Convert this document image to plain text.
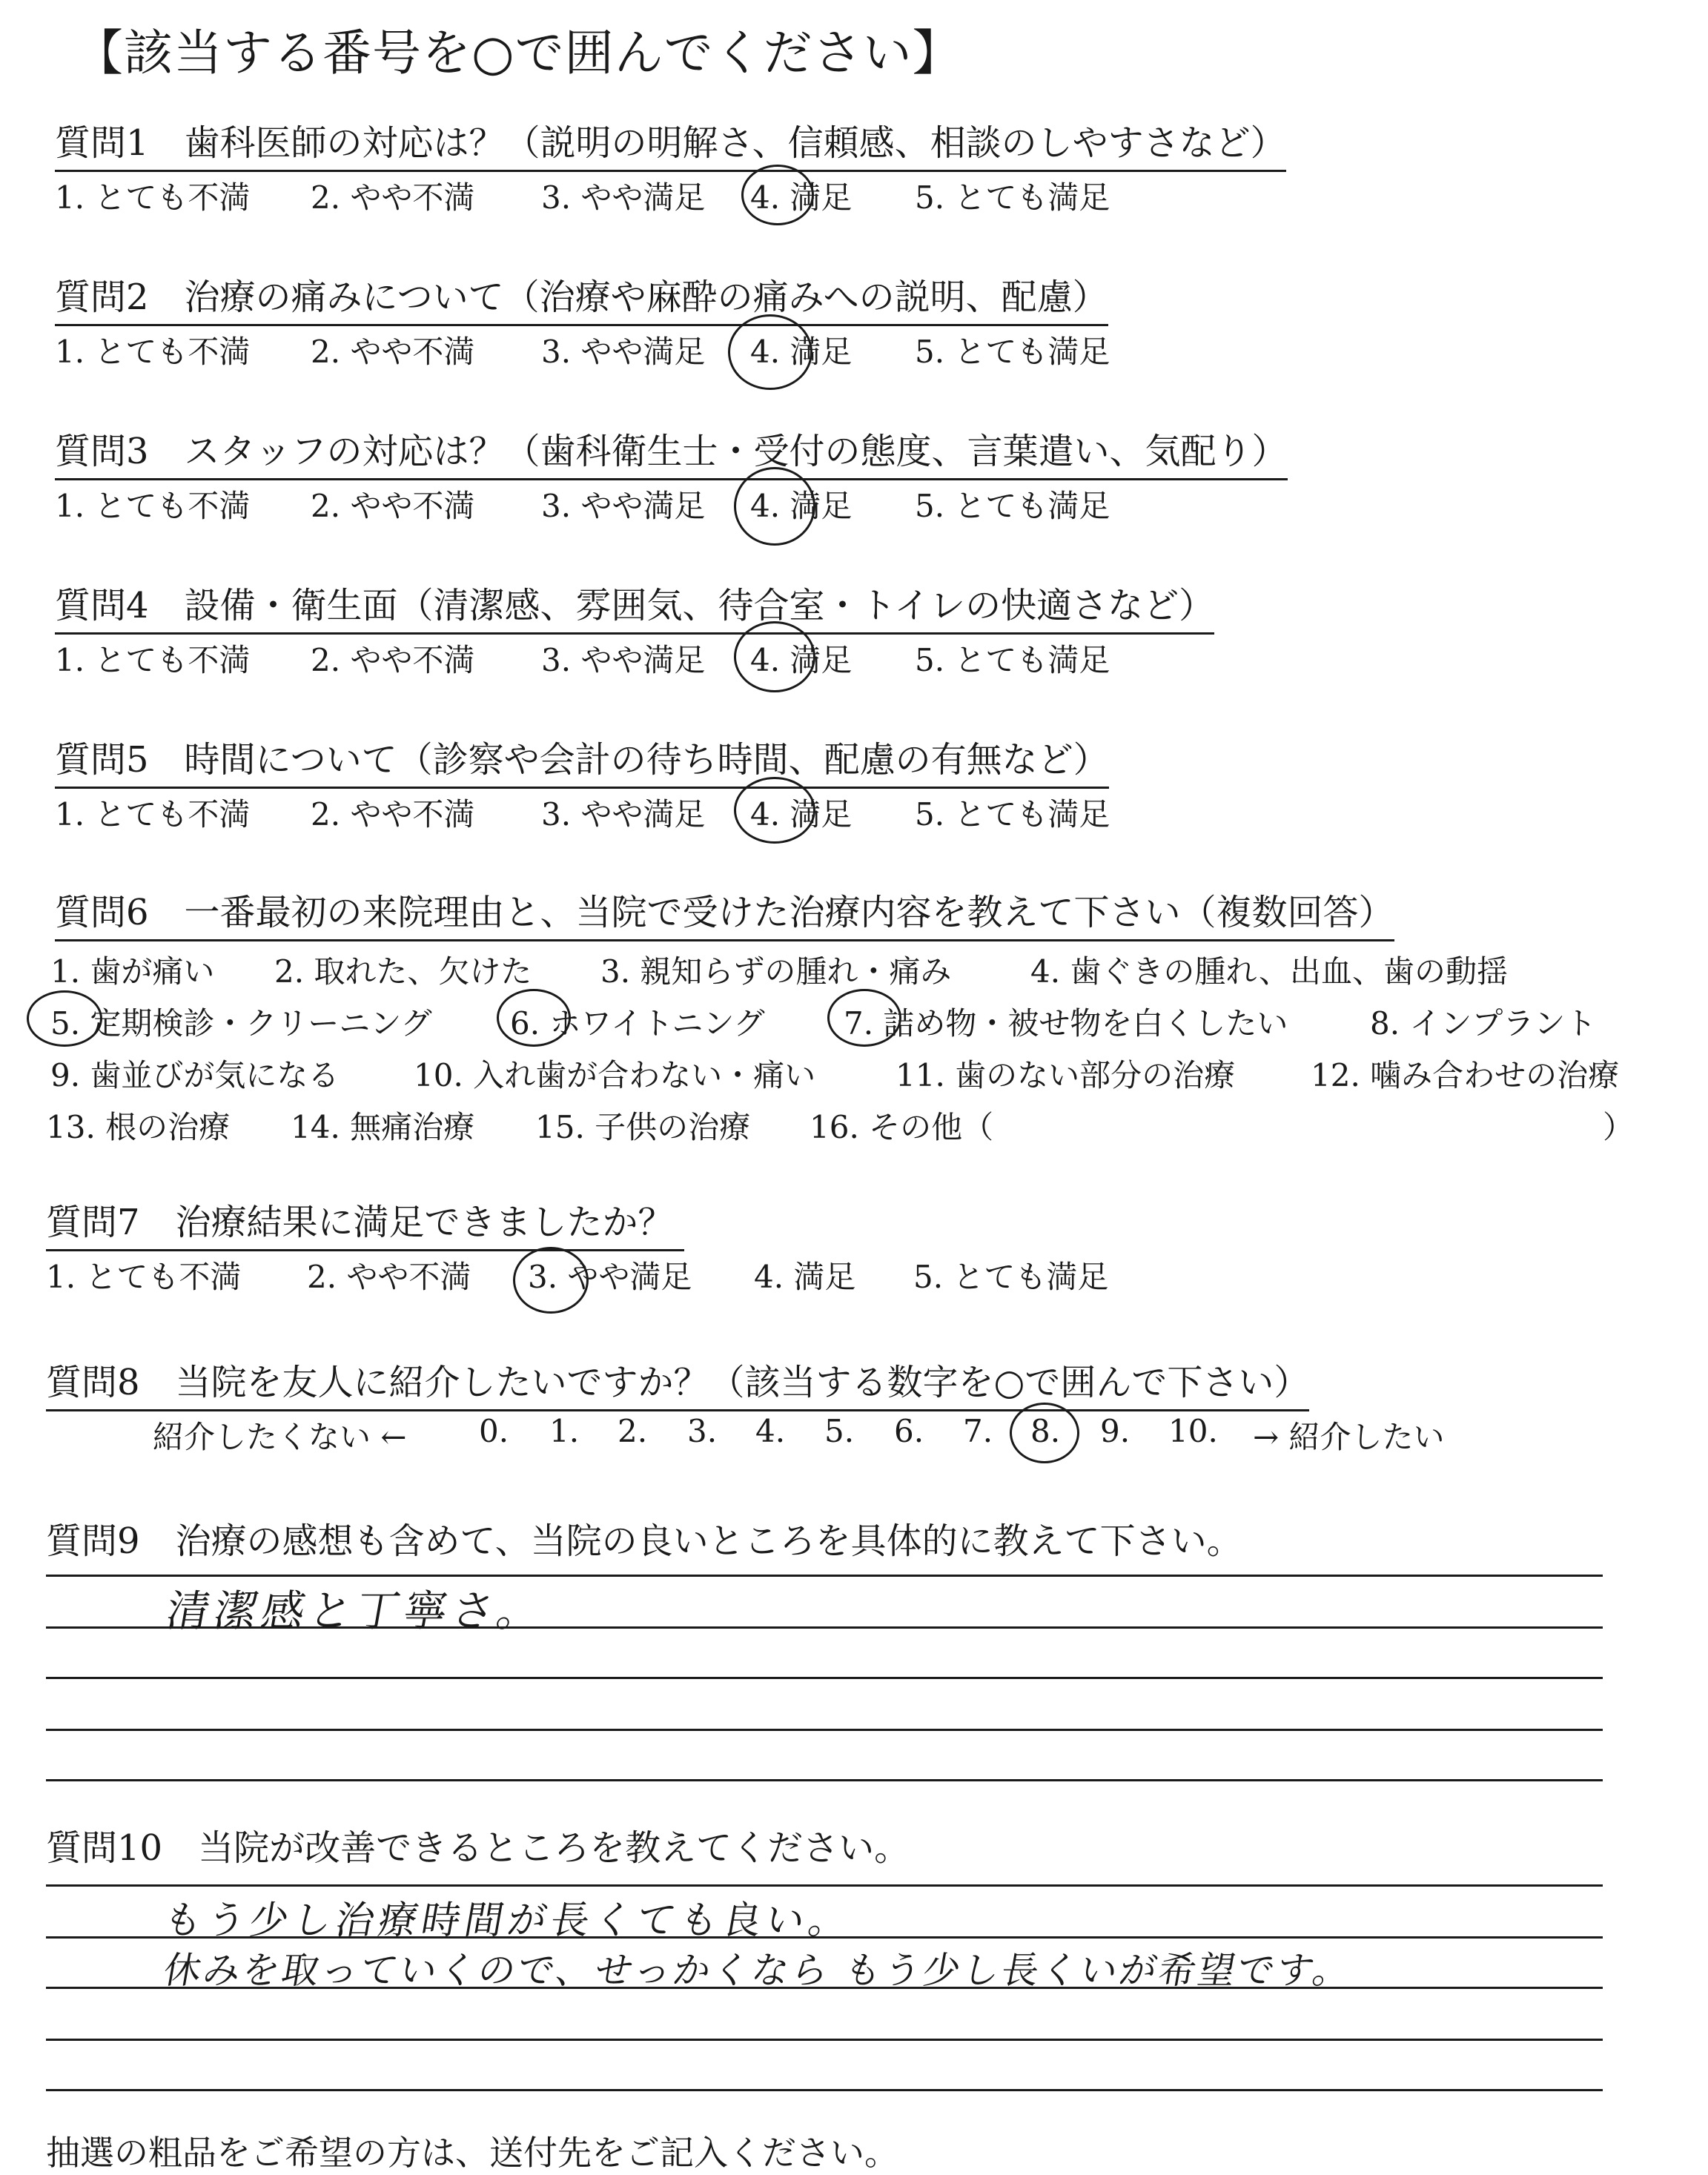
【該当する番号を○で囲んでください】
質問1　歯科医師の対応は？（説明の明解さ、信頼感、相談のしやすさなど）
1. とても不満 2. やや不満 3. やや満足 4. 満足 5. とても満足
質問2　治療の痛みについて（治療や麻酔の痛みへの説明、配慮）
1. とても不満 2. やや不満 3. やや満足 4. 満足 5. とても満足
質問3　スタッフの対応は？（歯科衛生士・受付の態度、言葉遣い、気配り）
1. とても不満 2. やや不満 3. やや満足 4. 満足 5. とても満足
質問4　設備・衛生面（清潔感、雰囲気、待合室・トイレの快適さなど）
1. とても不満 2. やや不満 3. やや満足 4. 満足 5. とても満足
質問5　時間について（診察や会計の待ち時間、配慮の有無など）
1. とても不満 2. やや不満 3. やや満足 4. 満足 5. とても満足
質問6　一番最初の来院理由と、当院で受けた治療内容を教えて下さい（複数回答）
1. 歯が痛い 2. 取れた、欠けた 3. 親知らずの腫れ・痛み	4. 歯ぐきの腫れ、出血、歯の動揺
5. 定期検診・クリーニング	6. ホワイトニング	7. 詰め物・被せ物を白くしたい	8. インプラント
9. 歯並びが気になる 10. 入れ歯が合わない・痛い	11. 歯のない部分の治療 12. 噛み合わせの治療
13. 根の治療 14. 無痛治療 15. 子供の治療 16. その他（	）
質問7　治療結果に満足できましたか？
1. とても不満 2. やや不満 3. やや満足 4. 満足 5. とても満足
質問8　当院を友人に紹介したいですか？（該当する数字を○で囲んで下さい）
紹介したくない ← 0. 1. 2. 3. 4. 5. 6. 7. 8. 9. 10. → 紹介したい
質問9　治療の感想も含めて、当院の良いところを具体的に教えて下さい。
清潔感と丁寧さ。
質問10　当院が改善できるところを教えてください。
もう少し治療時間が長くても良い。
休みを取っていくので、せっかくなら もう少し長くいが希望です。
抽選の粗品をご希望の方は、送付先をご記入ください。
